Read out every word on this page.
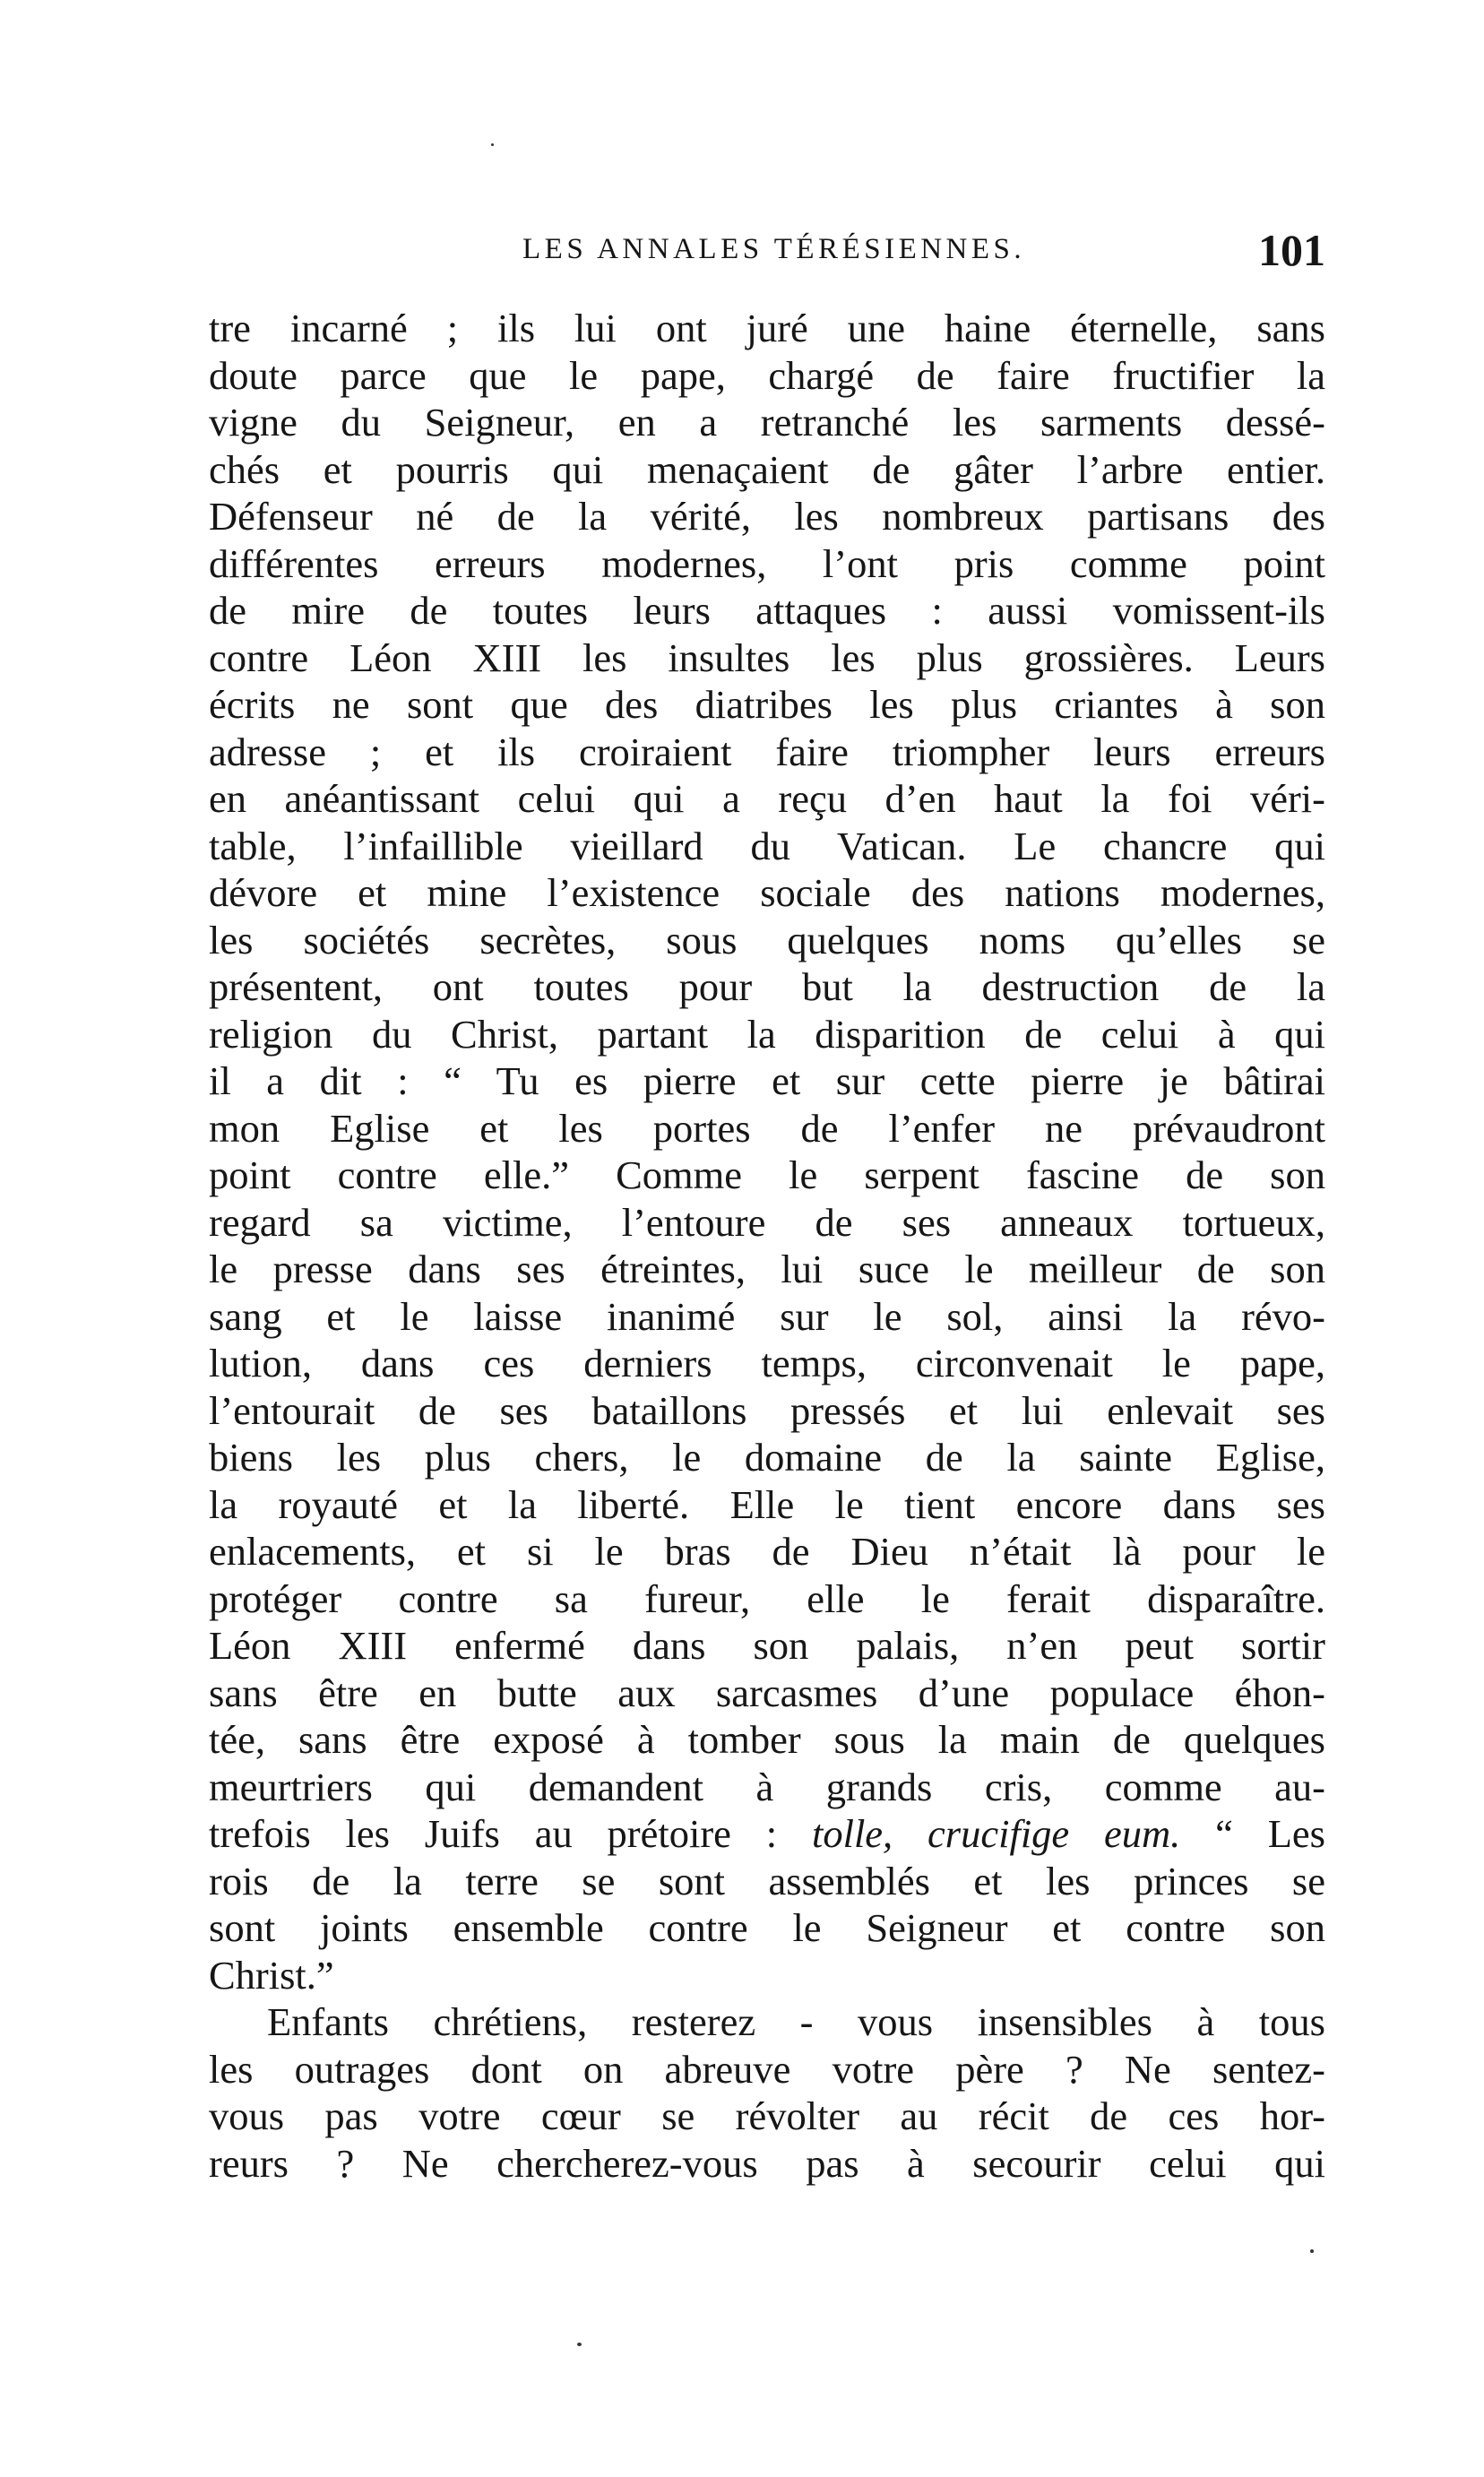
LES ANNALES TÉRÉSIENNES.	101
tre incarné ; ils lui ont juré une haine éternelle, sans
doute parce que le pape, chargé de faire fructifier la
vigne du Seigneur, en a retranché les sarments dessé-
chés et pourris qui menaçaient de gâter l’arbre entier.
Défenseur né de la vérité, les nombreux partisans des
différentes erreurs modernes, l’ont pris comme point
de mire de toutes leurs attaques : aussi vomissent-ils
contre Léon XIII les insultes les plus grossières. Leurs
écrits ne sont que des diatribes les plus criantes à son
adresse ; et ils croiraient faire triompher leurs erreurs
en anéantissant celui qui a reçu d’en haut la foi véri-
table, l’infaillible vieillard du Vatican. Le chancre qui
dévore et mine l’existence sociale des nations modernes,
les sociétés secrètes, sous quelques noms qu’elles se
présentent, ont toutes pour but la destruction de la
religion du Christ, partant la disparition de celui à qui
il a dit : “ Tu es pierre et sur cette pierre je bâtirai
mon Eglise et les portes de l’enfer ne prévaudront
point contre elle.” Comme le serpent fascine de son
regard sa victime, l’entoure de ses anneaux tortueux,
le presse dans ses étreintes, lui suce le meilleur de son
sang et le laisse inanimé sur le sol, ainsi la révo-
lution, dans ces derniers temps, circonvenait le pape,
l’entourait de ses bataillons pressés et lui enlevait ses
biens les plus chers, le domaine de la sainte Eglise,
la royauté et la liberté. Elle le tient encore dans ses
enlacements, et si le bras de Dieu n’était là pour le
protéger contre sa fureur, elle le ferait disparaître.
Léon XIII enfermé dans son palais, n’en peut sortir
sans être en butte aux sarcasmes d’une populace éhon-
tée, sans être exposé à tomber sous la main de quelques
meurtriers qui demandent à grands cris, comme au-
trefois les Juifs au prétoire : tolle, crucifige eum. “ Les
rois de la terre se sont assemblés et les princes se
sont joints ensemble contre le Seigneur et contre son
Christ.”
Enfants chrétiens, resterez - vous insensibles à tous
les outrages dont on abreuve votre père ? Ne sentez-
vous pas votre cœur se révolter au récit de ces hor-
reurs ? Ne chercherez-vous pas à secourir celui qui
